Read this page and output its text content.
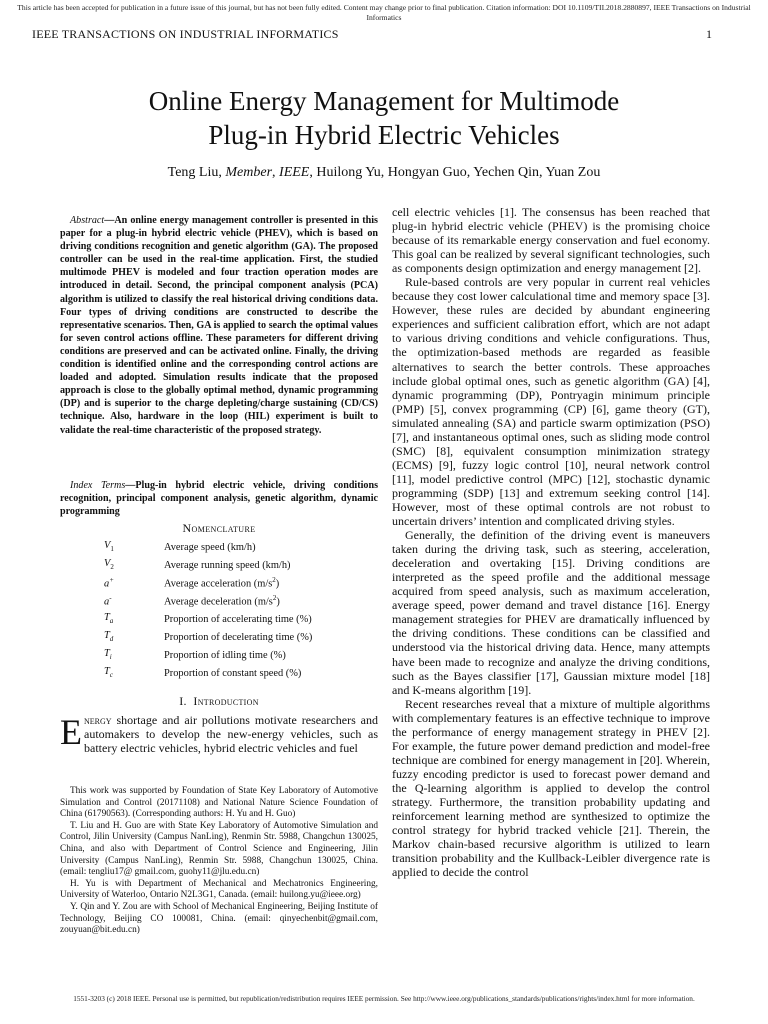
This article has been accepted for publication in a future issue of this journal, but has not been fully edited. Content may change prior to final publication. Citation information: DOI 10.1109/TII.2018.2880897, IEEE Transactions on Industrial Informatics
IEEE TRANSACTIONS ON INDUSTRIAL INFORMATICS	1
Online Energy Management for Multimode
Plug-in Hybrid Electric Vehicles
Teng Liu, Member, IEEE, Huilong Yu, Hongyan Guo, Yechen Qin, Yuan Zou
Abstract—An online energy management controller is presented in this paper for a plug-in hybrid electric vehicle (PHEV), which is based on driving conditions recognition and genetic algorithm (GA). The proposed controller can be used in the real-time application. First, the studied multimode PHEV is modeled and four traction operation modes are introduced in detail. Second, the principal component analysis (PCA) algorithm is utilized to classify the real historical driving conditions data. Four types of driving conditions are constructed to describe the representative scenarios. Then, GA is applied to search the optimal values for seven control actions offline. These parameters for different driving conditions are preserved and can be activated online. Finally, the driving condition is identified online and the corresponding control actions are loaded and adopted. Simulation results indicate that the proposed approach is close to the globally optimal method, dynamic programming (DP) and is superior to the charge depleting/charge sustaining (CD/CS) technique. Also, hardware in the loop (HIL) experiment is built to validate the real-time characteristic of the proposed strategy.
Index Terms—Plug-in hybrid electric vehicle, driving conditions recognition, principal component analysis, genetic algorithm, dynamic programming
Nomenclature
$V_1$	Average speed (km/h)
$V_2$	Average running speed (km/h)
a+	Average acceleration $(m/s^2)$
a-	Average deceleration $(m/s^2)$
$T_a$	Proportion of accelerating time (%)
$T_d$	Proportion of decelerating time (%)
$T_i$	Proportion of idling time (%)
$T_c$	Proportion of constant speed (%)
I. Introduction
Energy shortage and air pollutions motivate researchers and automakers to develop the new-energy vehicles, such as battery electric vehicles, hybrid electric vehicles and fuel

This work was supported by Foundation of State Key Laboratory of Automotive Simulation and Control (20171108) and National Nature Science Foundation of China (61790563). (Corresponding authors: H. Yu and H. Guo)

T. Liu and H. Guo are with State Key Laboratory of Automotive Simulation and Control, Jilin University (Campus NanLing), Renmin Str. 5988, Changchun 130025, China, and also with Department of Control Science and Engineering, Jilin University (Campus NanLing), Renmin Str. 5988, Changchun 130025, China. (email: tengliu17@ gmail.com, guohy11@jlu.edu.cn)

H. Yu is with Department of Mechanical and Mechatronics Engineering, University of Waterloo, Ontario N2L3G1, Canada. (email: huilong.yu@ieee.org)

Y. Qin and Y. Zou are with School of Mechanical Engineering, Beijing Institute of Technology, Beijing CO 100081, China. (email: qinyechenbit@gmail.com, zouyuan@bit.edu.cn)

cell electric vehicles [1]. The consensus has been reached that plug-in hybrid electric vehicle (PHEV) is the promising choice because of its remarkable energy conservation and fuel economy. This goal can be realized by several significant technologies, such as components design optimization and energy management [2].

Rule-based controls are very popular in current real vehicles because they cost lower calculational time and memory space [3]. However, these rules are decided by abundant engineering experiences and sufficient calibration effort, which are not adapt to various driving conditions and vehicle configurations. Thus, the optimization-based methods are regarded as feasible alternatives to search the better controls. These approaches include global optimal ones, such as genetic algorithm (GA) [4], dynamic programming (DP), Pontryagin minimum principle (PMP) [5], convex programming (CP) [6], game theory (GT), simulated annealing (SA) and particle swarm optimization (PSO) [7], and instantaneous optimal ones, such as sliding mode control (SMC) [8], equivalent consumption minimization strategy (ECMS) [9], fuzzy logic control [10], neural network control [11], model predictive control (MPC) [12], stochastic dynamic programming (SDP) [13] and extremum seeking control [14]. However, most of these optimal controls are not robust to uncertain drivers’ intention and complicated driving styles.

Generally, the definition of the driving event is maneuvers taken during the driving task, such as steering, acceleration, deceleration and overtaking [15]. Driving conditions are interpreted as the speed profile and the additional message acquired from speed analysis, such as maximum acceleration, average speed, power demand and travel distance [16]. Energy management strategies for PHEV are dramatically influenced by the driving conditions. These conditions can be classified and understood via the historical driving data. Hence, many attempts have been made to recognize and analyze the driving conditions, such as the Bayes classifier [17], Gaussian mixture model [18] and K-means algorithm [19].

Recent researches reveal that a mixture of multiple algorithms with complementary features is an effective technique to improve the performance of energy management strategy in PHEV [2]. For example, the future power demand prediction and model-free technique are combined for energy management in [20]. Wherein, fuzzy encoding predictor is used to forecast power demand and the Q-learning algorithm is applied to develop the control strategy. Furthermore, the transition probability updating and reinforcement learning method are synthesized to optimize the control strategy for hybrid tracked vehicle [21]. Therein, the Markov chain-based recursive algorithm is utilized to learn transition probability and the Kullback-Leibler divergence rate is applied to decide the control

1551-3203 (c) 2018 IEEE. Personal use is permitted, but republication/redistribution requires IEEE permission. See http://www.ieee.org/publications_standards/publications/rights/index.html for more information.
